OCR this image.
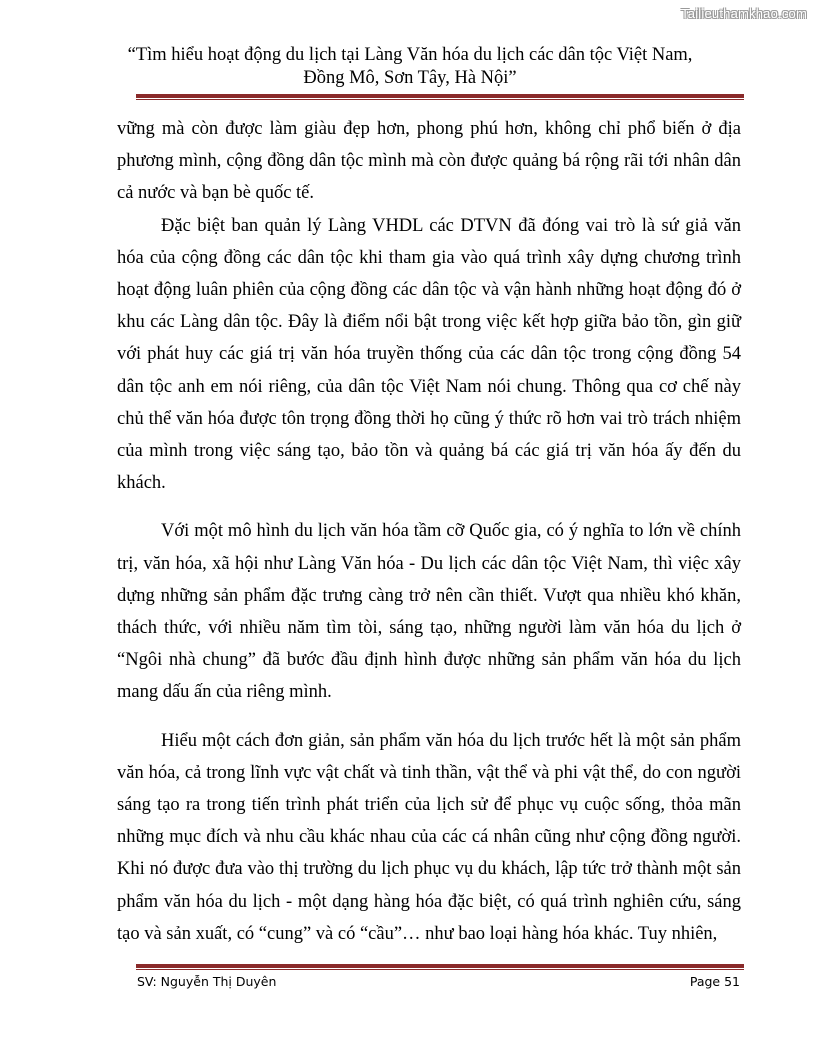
Tailieuthamkhao.com
“Tìm hiểu hoạt động du lịch tại Làng Văn hóa du lịch các dân tộc Việt Nam,
Đồng Mô, Sơn Tây, Hà Nội”

vững mà còn được làm giàu đẹp hơn, phong phú hơn, không chỉ phổ biến ở địa phương mình, cộng đồng dân tộc mình mà còn được quảng bá rộng rãi tới nhân dân cả nước và bạn bè quốc tế.

Đặc biệt ban quản lý Làng VHDL các DTVN đã đóng vai trò là sứ giả văn hóa của cộng đồng các dân tộc khi tham gia vào quá trình xây dựng chương trình hoạt động luân phiên của cộng đồng các dân tộc và vận hành những hoạt động đó ở khu các Làng dân tộc. Đây là điểm nổi bật trong việc kết hợp giữa bảo tồn, gìn giữ với phát huy các giá trị văn hóa truyền thống của các dân tộc trong cộng đồng 54 dân tộc anh em nói riêng, của dân tộc Việt Nam nói chung. Thông qua cơ chế này chủ thể văn hóa được tôn trọng đồng thời họ cũng ý thức rõ hơn vai trò trách nhiệm của mình trong việc sáng tạo, bảo tồn và quảng bá các giá trị văn hóa ấy đến du khách.

Với một mô hình du lịch văn hóa tầm cỡ Quốc gia, có ý nghĩa to lớn về chính trị, văn hóa, xã hội như Làng Văn hóa - Du lịch các dân tộc Việt Nam, thì việc xây dựng những sản phẩm đặc trưng càng trở nên cần thiết. Vượt qua nhiều khó khăn, thách thức, với nhiều năm tìm tòi, sáng tạo, những người làm văn hóa du lịch ở “Ngôi nhà chung” đã bước đầu định hình được những sản phẩm văn hóa du lịch mang dấu ấn của riêng mình.

Hiểu một cách đơn giản, sản phẩm văn hóa du lịch trước hết là một sản phẩm văn hóa, cả trong lĩnh vực vật chất và tinh thần, vật thể và phi vật thể, do con người sáng tạo ra trong tiến trình phát triển của lịch sử để phục vụ cuộc sống, thỏa mãn những mục đích và nhu cầu khác nhau của các cá nhân cũng như cộng đồng người. Khi nó được đưa vào thị trường du lịch phục vụ du khách, lập tức trở thành một sản phẩm văn hóa du lịch - một dạng hàng hóa đặc biệt, có quá trình nghiên cứu, sáng tạo và sản xuất, có “cung” và có “cầu”… như bao loại hàng hóa khác. Tuy nhiên,

SV: Nguyễn Thị Duyên	Page 51
